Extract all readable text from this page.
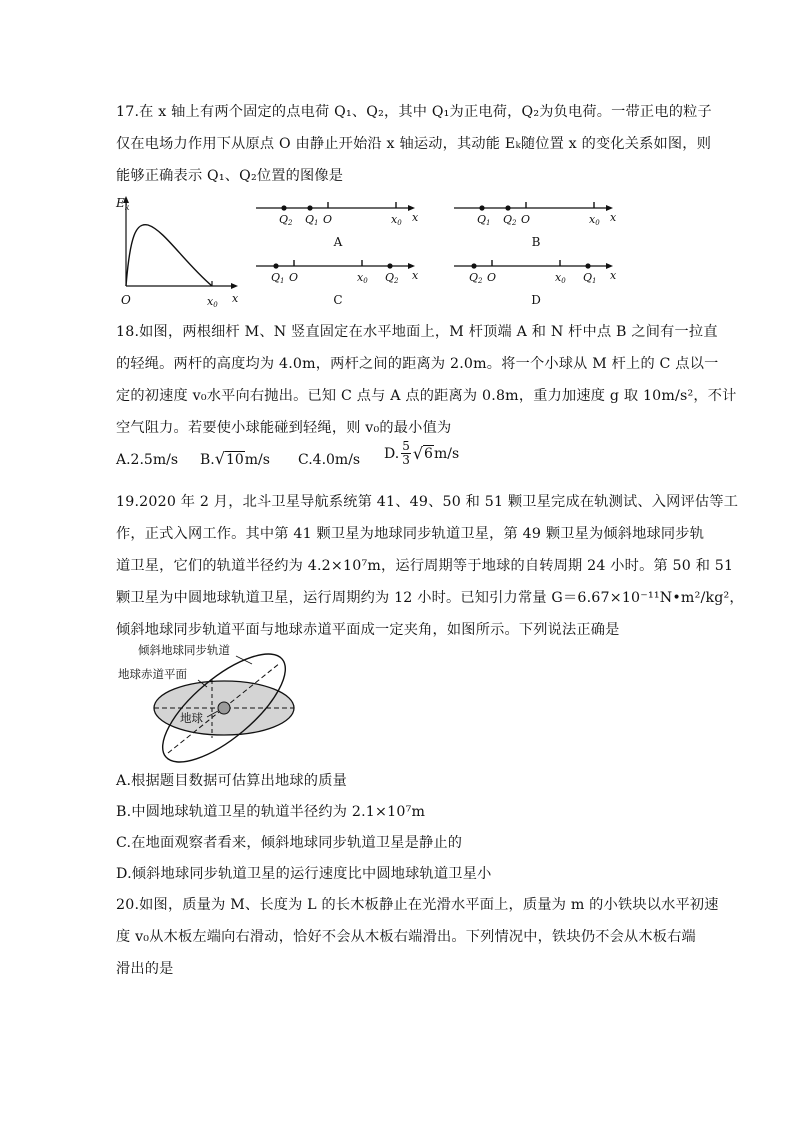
17.在 x 轴上有两个固定的点电荷 Q₁、Q₂，其中 Q₁为正电荷，Q₂为负电荷。一带正电的粒子
仅在电场力作用下从原点 O 由静止开始沿 x 轴运动，其动能 Eₖ随位置 x 的变化关系如图，则
能够正确表示 Q₁、Q₂位置的图像是
$E_k$
O	x0 x
x
Q2 Q1 O	x0
A
x
Q1 Q2 O	x0
B
x
Q1 O	x0 Q2
C
x
Q2 O	x0 Q1
D
18.如图，两根细杆 M、N 竖直固定在水平地面上，M 杆顶端 A 和 N 杆中点 B 之间有一拉直
的轻绳。两杆的高度均为 4.0m，两杆之间的距离为 2.0m。将一个小球从 M 杆上的 C 点以一
定的初速度 v₀水平向右抛出。已知 C 点与 A 点的距离为 0.8m，重力加速度 g 取 10m/s²，不计
空气阻力。若要使小球能碰到轻绳，则 v₀的最小值为
A.2.5m/s B.√10m/s C.4.0m/s D. 5
3 √ 6 m/s
19.2020 年 2 月，北斗卫星导航系统第 41、49、50 和 51 颗卫星完成在轨测试、入网评估等工
作，正式入网工作。其中第 41 颗卫星为地球同步轨道卫星，第 49 颗卫星为倾斜地球同步轨
道卫星，它们的轨道半径约为 4.2×10⁷m，运行周期等于地球的自转周期 24 小时。第 50 和 51
颗卫星为中圆地球轨道卫星，运行周期约为 12 小时。已知引力常量 G＝6.67×10⁻¹¹N•m²/kg²，
倾斜地球同步轨道平面与地球赤道平面成一定夹角，如图所示。下列说法正确是
倾斜地球同步轨道
地球赤道平面
地球
A.根据题目数据可估算出地球的质量
B.中圆地球轨道卫星的轨道半径约为 2.1×10⁷m
C.在地面观察者看来，倾斜地球同步轨道卫星是静止的
D.倾斜地球同步轨道卫星的运行速度比中圆地球轨道卫星小
20.如图，质量为 M、长度为 L 的长木板静止在光滑水平面上，质量为 m 的小铁块以水平初速
度 v₀从木板左端向右滑动，恰好不会从木板右端滑出。下列情况中，铁块仍不会从木板右端
滑出的是
